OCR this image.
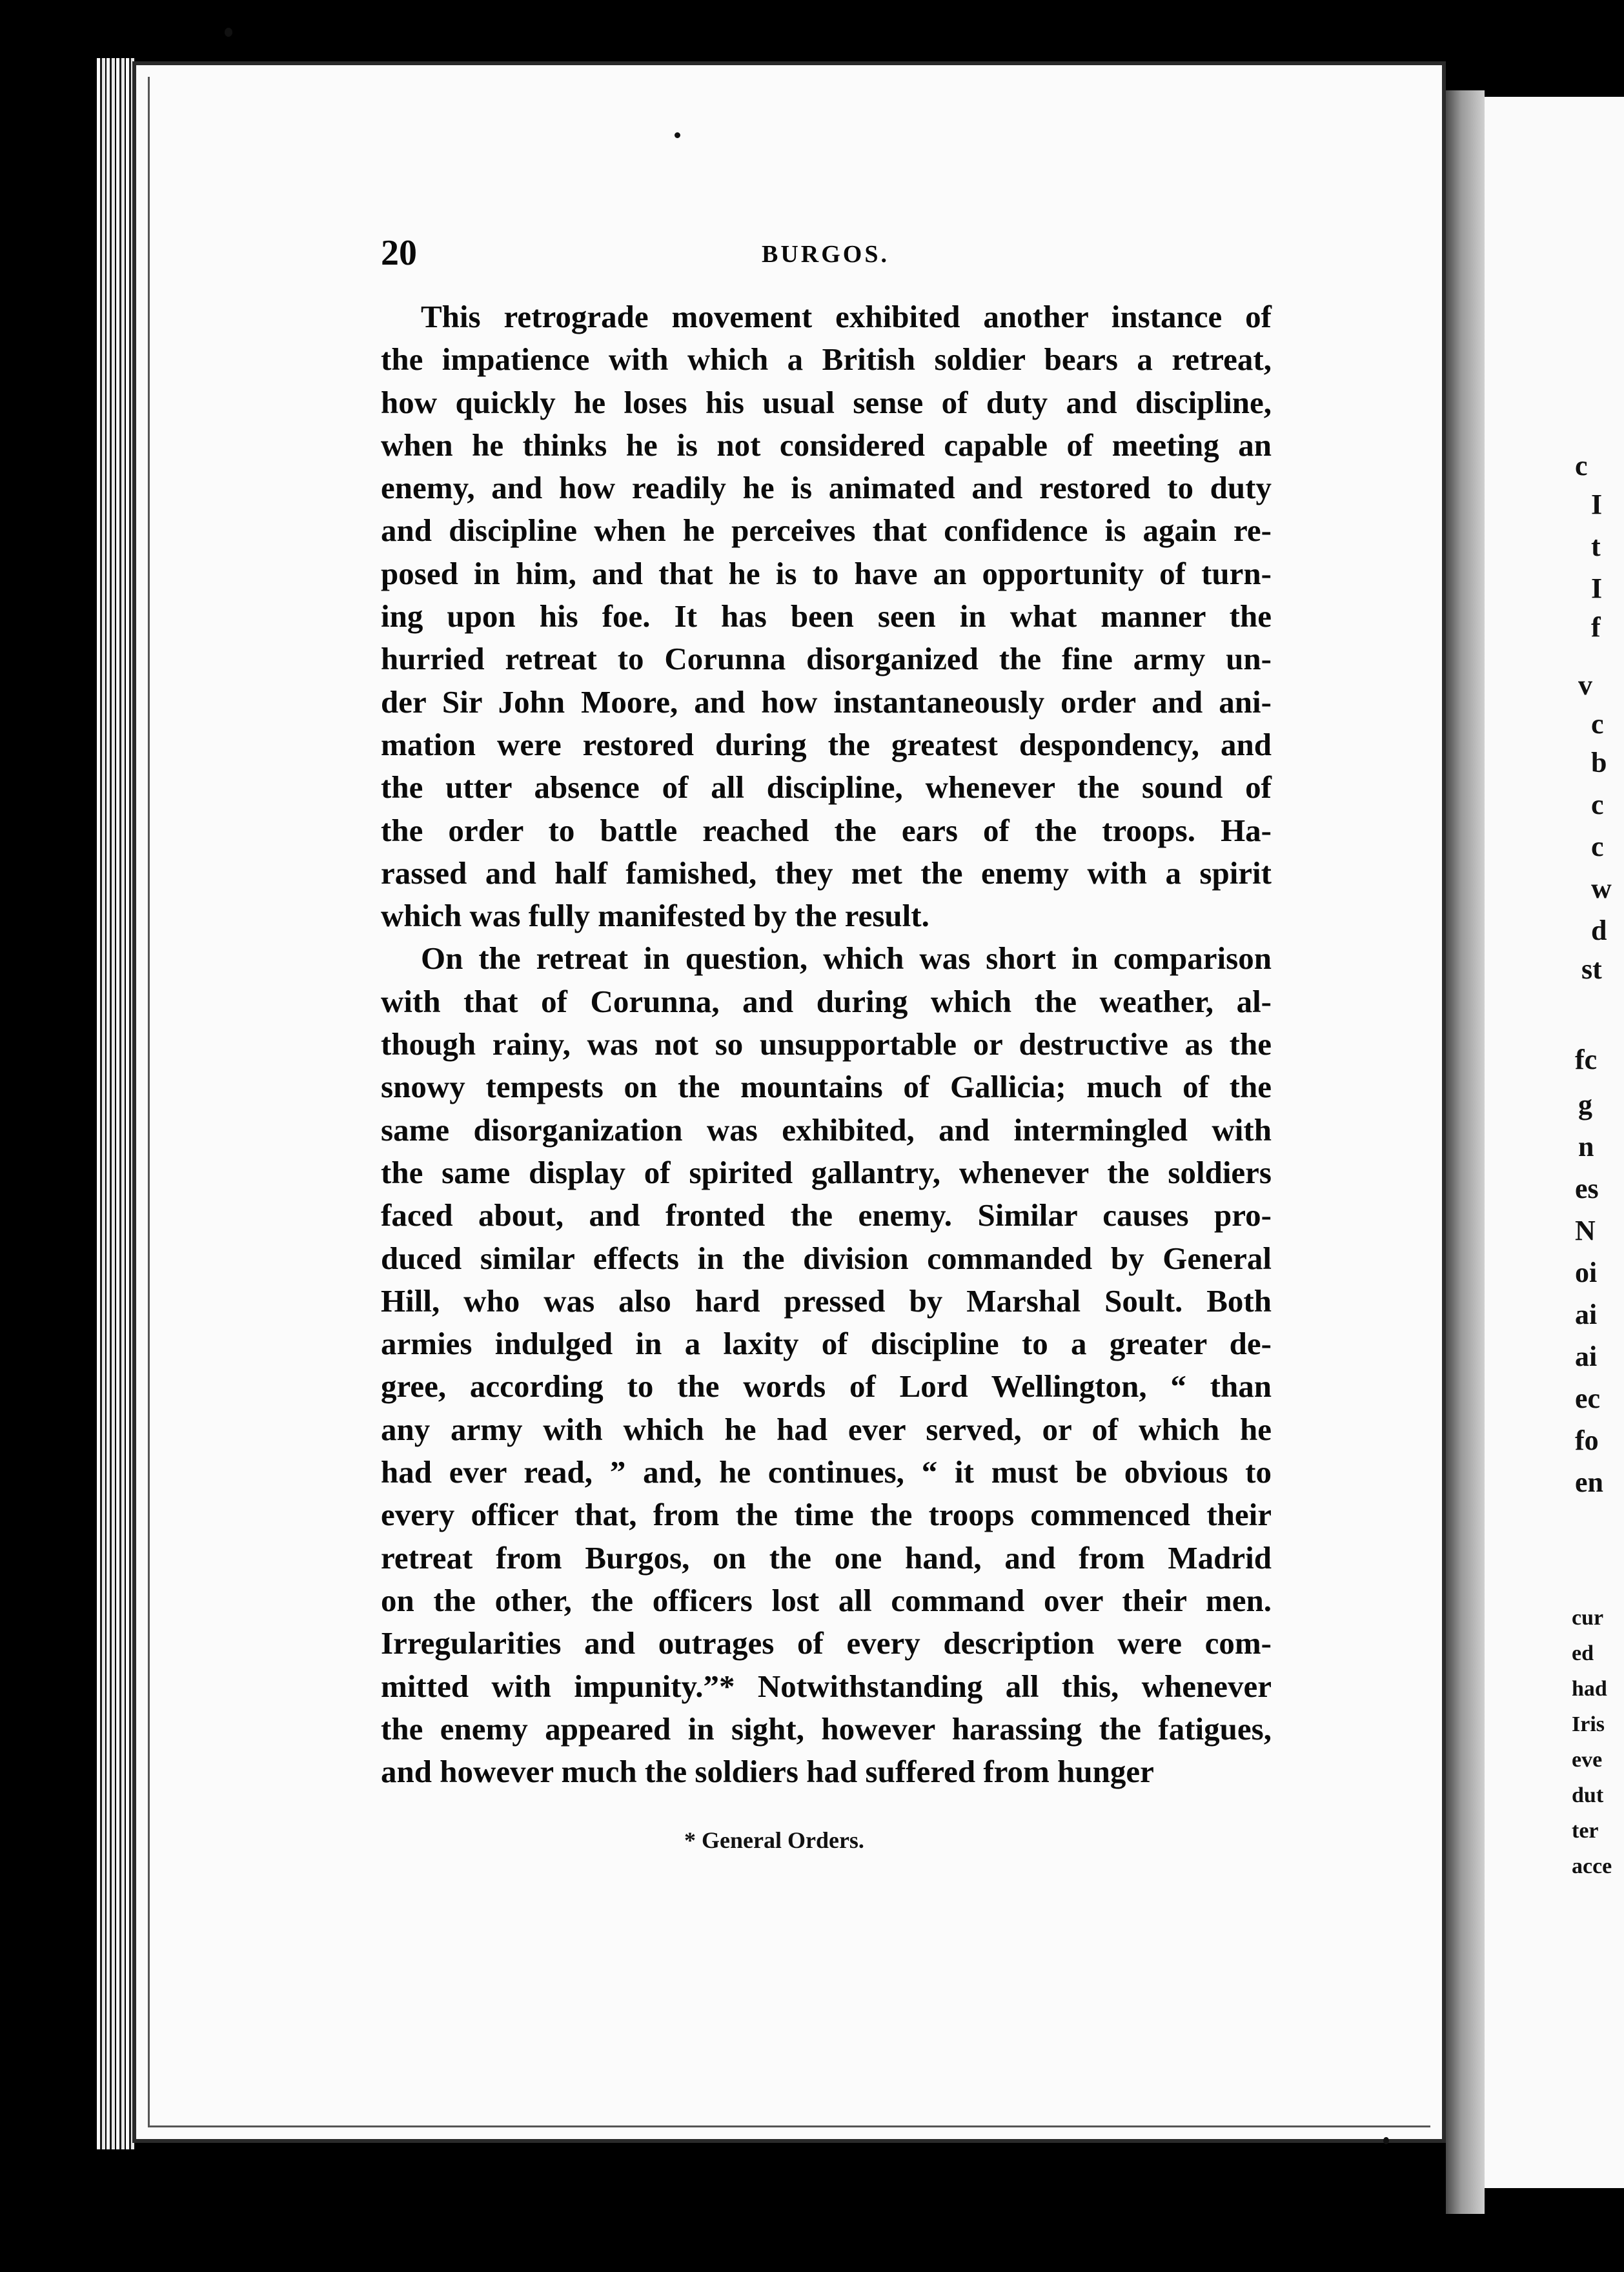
c
I
t
I
f
v
c
b
c
c
w
d
st
fc
g
n
es
N
oi
ai
ai
ec
fo
en
cur
ed
had
Iris
eve
dut
ter
acce
20	BURGOS.
This retrograde movement exhibited another instance of
the impatience with which a British soldier bears a retreat,
how quickly he loses his usual sense of duty and discipline,
when he thinks he is not considered capable of meeting an
enemy, and how readily he is animated and restored to duty
and discipline when he perceives that confidence is again re-
posed in him, and that he is to have an opportunity of turn-
ing upon his foe. It has been seen in what manner the
hurried retreat to Corunna disorganized the fine army un-
der Sir John Moore, and how instantaneously order and ani-
mation were restored during the greatest despondency, and
the utter absence of all discipline, whenever the sound of
the order to battle reached the ears of the troops. Ha-
rassed and half famished, they met the enemy with a spirit
which was fully manifested by the result.
On the retreat in question, which was short in comparison
with that of Corunna, and during which the weather, al-
though rainy, was not so unsupportable or destructive as the
snowy tempests on the mountains of Gallicia; much of the
same disorganization was exhibited, and intermingled with
the same display of spirited gallantry, whenever the soldiers
faced about, and fronted the enemy. Similar causes pro-
duced similar effects in the division commanded by General
Hill, who was also hard pressed by Marshal Soult. Both
armies indulged in a laxity of discipline to a greater de-
gree, according to the words of Lord Wellington, “ than
any army with which he had ever served, or of which he
had ever read, ” and, he continues, “ it must be obvious to
every officer that, from the time the troops commenced their
retreat from Burgos, on the one hand, and from Madrid
on the other, the officers lost all command over their men.
Irregularities and outrages of every description were com-
mitted with impunity.”* Notwithstanding all this, whenever
the enemy appeared in sight, however harassing the fatigues,
and however much the soldiers had suffered from hunger
* General Orders.
